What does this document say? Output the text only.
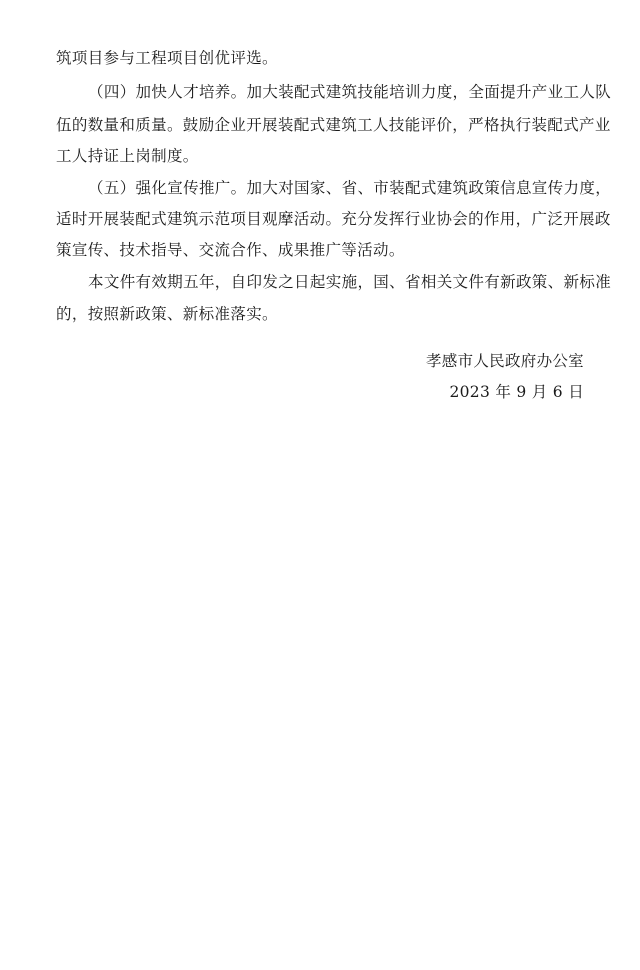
筑项目参与工程项目创优评选。
（四）加快人才培养。加大装配式建筑技能培训力度，全面提升产业工人队
伍的数量和质量。鼓励企业开展装配式建筑工人技能评价，严格执行装配式产业
工人持证上岗制度。
（五）强化宣传推广。加大对国家、省、市装配式建筑政策信息宣传力度，
适时开展装配式建筑示范项目观摩活动。充分发挥行业协会的作用，广泛开展政
策宣传、技术指导、交流合作、成果推广等活动。
本文件有效期五年，自印发之日起实施，国、省相关文件有新政策、新标准
的，按照新政策、新标准落实。
孝感市人民政府办公室
2023 年 9 月 6 日
